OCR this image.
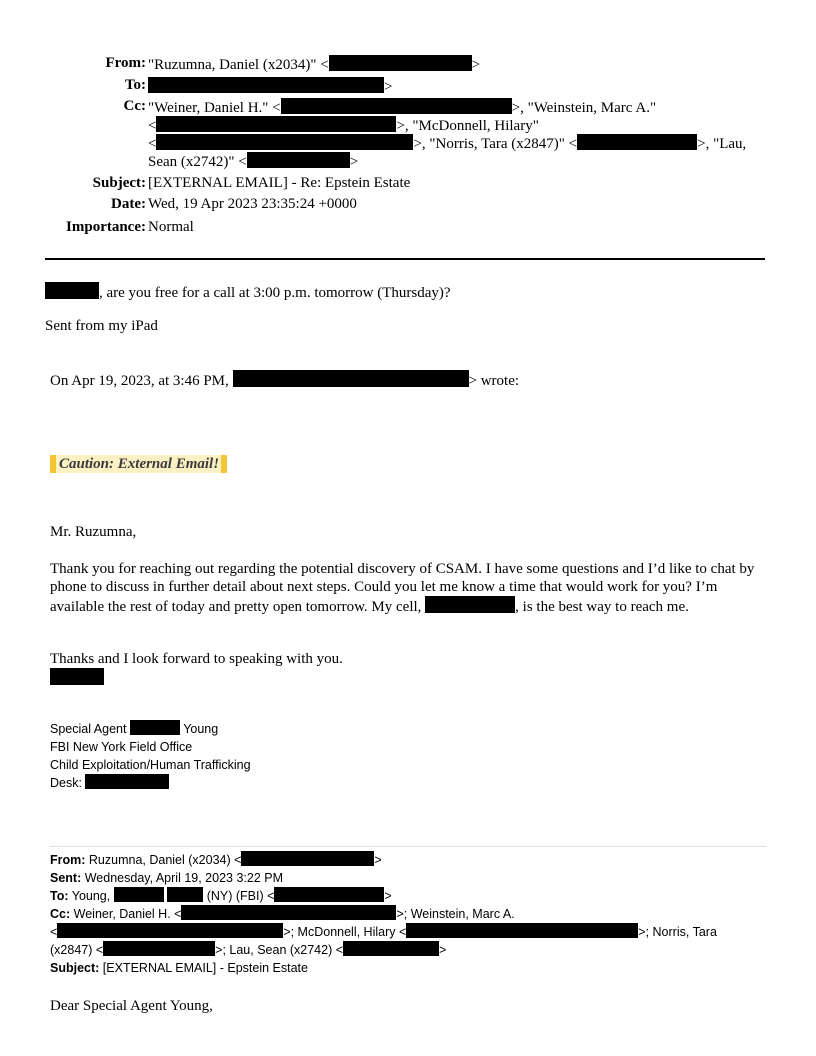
From: "Ruzumna, Daniel (x2034)" <	>
To:	>
Cc: "Weiner, Daniel H." <	>, "Weinstein, Marc A."
<	>, "McDonnell, Hilary"
<	>, "Norris, Tara (x2847)" <	>, "Lau,
Sean (x2742)" <	>
Subject: [EXTERNAL EMAIL] - Re: Epstein Estate
Date: Wed, 19 Apr 2023 23:35:24 +0000
Importance: Normal
, are you free for a call at 3:00 p.m. tomorrow (Thursday)?
Sent from my iPad
On Apr 19, 2023, at 3:46 PM,	> wrote:
Caution: External Email!
Mr. Ruzumna,
Thank you for reaching out regarding the potential discovery of CSAM. I have some questions and I’d like to chat by phone to discuss in further detail about next steps. Could you let me know a time that would work for you? I’m available the rest of today and pretty open tomorrow. My cell,	, is the best way to reach me.
Thanks and I look forward to speaking with you.
Special Agent	Young
FBI New York Field Office
Child Exploitation/Human Trafficking
Desk:
From: Ruzumna, Daniel (x2034) <	>
Sent: Wednesday, April 19, 2023 3:22 PM
To: Young,	(NY) (FBI) <	>
Cc: Weiner, Daniel H. <	>; Weinstein, Marc A.
<	>; McDonnell, Hilary <	>; Norris, Tara
(x2847) <	>; Lau, Sean (x2742) <	>
Subject: [EXTERNAL EMAIL] - Epstein Estate
Dear Special Agent Young,
